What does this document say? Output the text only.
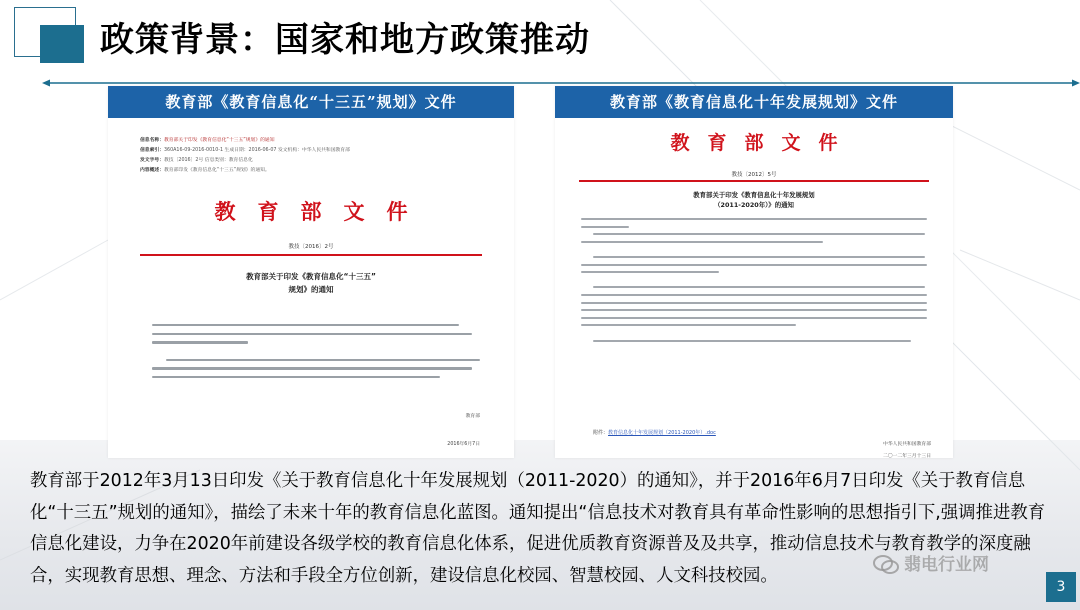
政策背景：国家和地方政策推动
教育部《教育信息化“十三五”规划》文件
信息名称：教育部关于印发《教育信息化“十三五”规划》的通知
信息索引：360A16-09-2016-0010-1 生成日期：2016-06-07 发文机构：中华人民共和国教育部
发文字号：教技〔2016〕2号 信息类别：教育信息化
内容概述：教育部印发《教育信息化“十三五”规划》的通知。
教育部文件
教技〔2016〕2号
教育部关于印发《教育信息化“十三五”
规划》的通知
教育部
2016年6月7日
教育部《教育信息化十年发展规划》文件
教育部文件
教技〔2012〕5号
教育部关于印发《教育信息化十年发展规划
（2011-2020年）》的通知
附件：教育信息化十年发展规划（2011-2020年）.doc
中华人民共和国教育部
二〇一二年三月十三日

教育部于2012年3月13日印发《关于教育信息化十年发展规划（2011-2020）的通知》，并于2016年6月7日印发《关于教育信息化“十三五”规划的通知》，描绘了未来十年的教育信息化蓝图。通知提出“信息技术对教育具有革命性影响的思想指引下,强调推进教育信息化建设，力争在2020年前建设各级学校的教育信息化体系，促进优质教育资源普及及共享，推动信息技术与教育教学的深度融合，实现教育思想、理念、方法和手段全方位创新，建设信息化校园、智慧校园、人文科技校园。

翡电行业网
3
